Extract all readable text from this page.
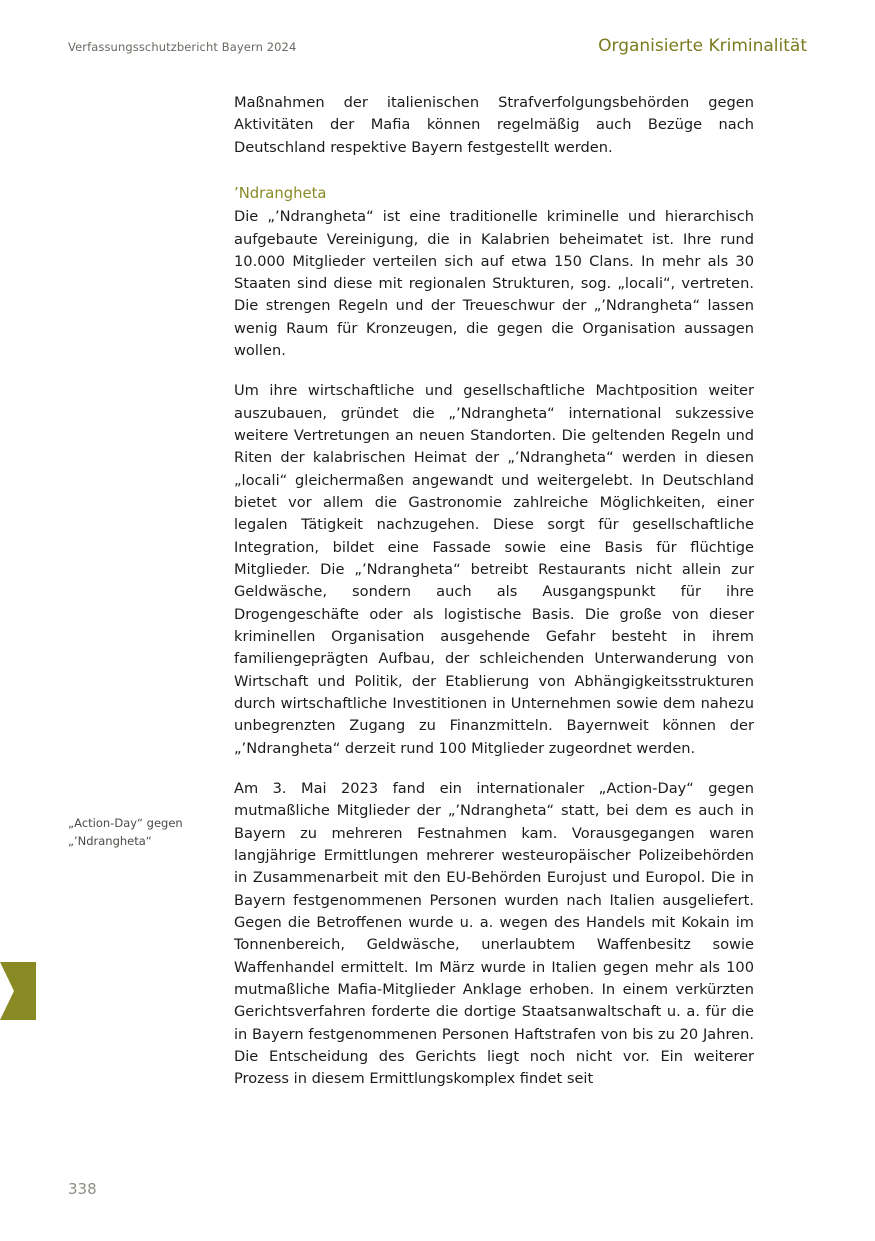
Verfassungsschutzbericht Bayern 2024	Organisierte Kriminalität
„Action-Day“ gegen
„’Ndrangheta“

Maßnahmen der italienischen Strafverfolgungsbehörden gegen Aktivitäten der Mafia können regelmäßig auch Bezüge nach Deutschland respektive Bayern festgestellt werden.

’Ndrangheta

Die „’Ndrangheta“ ist eine traditionelle kriminelle und hierarchisch aufgebaute Vereinigung, die in Kalabrien beheimatet ist. Ihre rund 10.000 Mitglieder verteilen sich auf etwa 150 Clans. In mehr als 30 Staaten sind diese mit regionalen Strukturen, sog. „locali“, vertreten. Die strengen Regeln und der Treueschwur der „’Ndrangheta“ lassen wenig Raum für Kronzeugen, die gegen die Organisation aussagen wollen.

Um ihre wirtschaftliche und gesellschaftliche Machtposition weiter auszubauen, gründet die „’Ndrangheta“ international sukzessive weitere Vertretungen an neuen Standorten. Die geltenden Regeln und Riten der kalabrischen Heimat der „’Ndrangheta“ werden in diesen „locali“ gleichermaßen angewandt und weitergelebt. In Deutschland bietet vor allem die Gastronomie zahlreiche Möglichkeiten, einer legalen Tätigkeit nachzugehen. Diese sorgt für gesellschaftliche Integration, bildet eine Fassade sowie eine Basis für flüchtige Mitglieder. Die „’Ndrangheta“ betreibt Restaurants nicht allein zur Geldwäsche, sondern auch als Ausgangspunkt für ihre Drogengeschäfte oder als logistische Basis. Die große von dieser kriminellen Organisation ausgehende Gefahr besteht in ihrem familiengeprägten Aufbau, der schleichenden Unterwanderung von Wirtschaft und Politik, der Etablierung von Abhängigkeitsstrukturen durch wirtschaftliche Investitionen in Unternehmen sowie dem nahezu unbegrenzten Zugang zu Finanzmitteln. Bayernweit können der „’Ndrangheta“ derzeit rund 100 Mitglieder zugeordnet werden.

Am 3. Mai 2023 fand ein internationaler „Action-Day“ gegen mutmaßliche Mitglieder der „’Ndrangheta“ statt, bei dem es auch in Bayern zu mehreren Festnahmen kam. Vorausgegangen waren langjährige Ermittlungen mehrerer westeuropäischer Polizeibehörden in Zusammenarbeit mit den EU-Behörden Eurojust und Europol. Die in Bayern festgenommenen Personen wurden nach Italien ausgeliefert. Gegen die Betroffenen wurde u. a. wegen des Handels mit Kokain im Tonnenbereich, Geldwäsche, unerlaubtem Waffenbesitz sowie Waffenhandel ermittelt. Im März wurde in Italien gegen mehr als 100 mutmaßliche Mafia-Mitglieder Anklage erhoben. In einem verkürzten Gerichtsverfahren forderte die dortige Staatsanwaltschaft u. a. für die in Bayern festgenommenen Personen Haftstrafen von bis zu 20 Jahren. Die Entscheidung des Gerichts liegt noch nicht vor. Ein weiterer Prozess in diesem Ermittlungskomplex findet seit

338
